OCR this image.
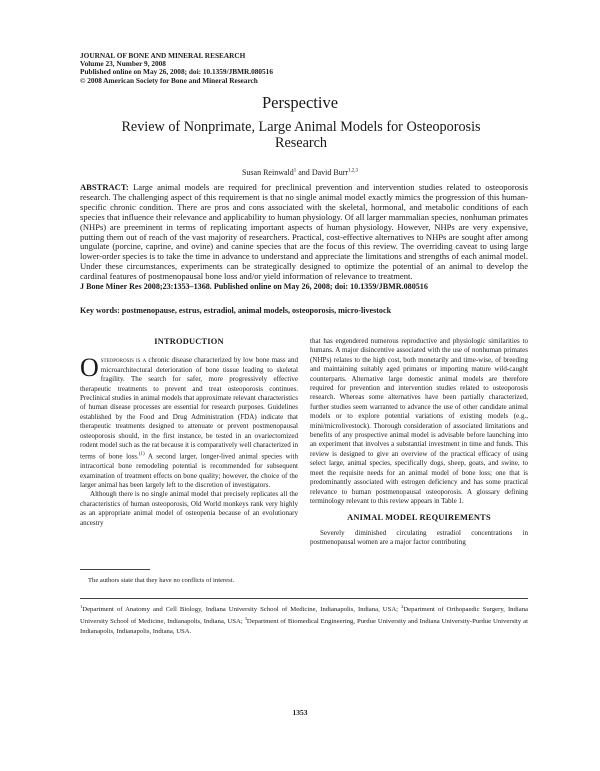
JOURNAL OF BONE AND MINERAL RESEARCH
Volume 23, Number 9, 2008
Published online on May 26, 2008; doi: 10.1359/JBMR.080516
© 2008 American Society for Bone and Mineral Research
Perspective
Review of Nonprimate, Large Animal Models for Osteoporosis Research
Susan Reinwald$^1$ and David Burr$^{1,2,3}$
ABSTRACT: Large animal models are required for preclinical prevention and intervention studies related to osteoporosis research. The challenging aspect of this requirement is that no single animal model exactly mimics the progression of this human-specific chronic condition. There are pros and cons associated with the skeletal, hormonal, and metabolic conditions of each species that influence their relevance and applicability to human physiology. Of all larger mammalian species, nonhuman primates (NHPs) are preeminent in terms of replicating important aspects of human physiology. However, NHPs are very expensive, putting them out of reach of the vast majority of researchers. Practical, cost-effective alternatives to NHPs are sought after among ungulate (porcine, caprine, and ovine) and canine species that are the focus of this review. The overriding caveat to using large lower-order species is to take the time in advance to understand and appreciate the limitations and strengths of each animal model. Under these circumstances, experiments can be strategically designed to optimize the potential of an animal to develop the cardinal features of postmenopausal bone loss and/or yield information of relevance to treatment.
J Bone Miner Res 2008;23:1353–1368. Published online on May 26, 2008; doi: 10.1359/JBMR.080516
Key words: postmenopause, estrus, estradiol, animal models, osteoporosis, micro-livestock
INTRODUCTION

Osteoporosis is a chronic disease characterized by low bone mass and microarchitectural deterioration of bone tissue leading to skeletal fragility. The search for safer, more progressively effective therapeutic treatments to prevent and treat osteoporosis continues. Preclinical studies in animal models that approximate relevant characteristics of human disease processes are essential for research purposes. Guidelines established by the Food and Drug Administration (FDA) indicate that therapeutic treatments designed to attenuate or prevent postmenopausal osteoporosis should, in the first instance, be tested in an ovariectomized rodent model such as the rat because it is comparatively well characterized in terms of bone loss.$^{(1)}$ A second larger, longer-lived animal species with intracortical bone remodeling potential is recommended for subsequent examination of treatment effects on bone quality; however, the choice of the larger animal has been largely left to the discretion of investigators.

Although there is no single animal model that precisely replicates all the characteristics of human osteoporosis, Old World monkeys rank very highly as an appropriate animal model of osteopenia because of an evolutionary ancestry

that has engendered numerous reproductive and physiologic similarities to humans. A major disincentive associated with the use of nonhuman primates (NHPs) relates to the high cost, both monetarily and time-wise, of breeding and maintaining suitably aged primates or importing mature wild-caught counterparts. Alternative large domestic animal models are therefore required for prevention and intervention studies related to osteoporosis research. Whereas some alternatives have been partially characterized, further studies seem warranted to advance the use of other candidate animal models or to explore potential variations of existing models (e.g., mini/microlivestock). Thorough consideration of associated limitations and benefits of any prospective animal model is advisable before launching into an experiment that involves a substantial investment in time and funds. This review is designed to give an overview of the practical efficacy of using select large, animal species, specifically dogs, sheep, goats, and swine, to meet the requisite needs for an animal model of bone loss; one that is predominantly associated with estrogen deficiency and has some practical relevance to human postmenopausal osteoporosis. A glossary defining terminology relevant to this review appears in Table 1.

ANIMAL MODEL REQUIREMENTS

Severely diminished circulating estradiol concentrations in postmenopausal women are a major factor contributing

The authors state that they have no conflicts of interest.
$^1$Department of Anatomy and Cell Biology, Indiana University School of Medicine, Indianapolis, Indiana, USA; $^2$Department of Orthopaedic Surgery, Indiana University School of Medicine, Indianapolis, Indiana, USA; $^3$Department of Biomedical Engineering, Purdue University and Indiana University-Purdue University at Indianapolis, Indianapolis, Indiana, USA.
1353
